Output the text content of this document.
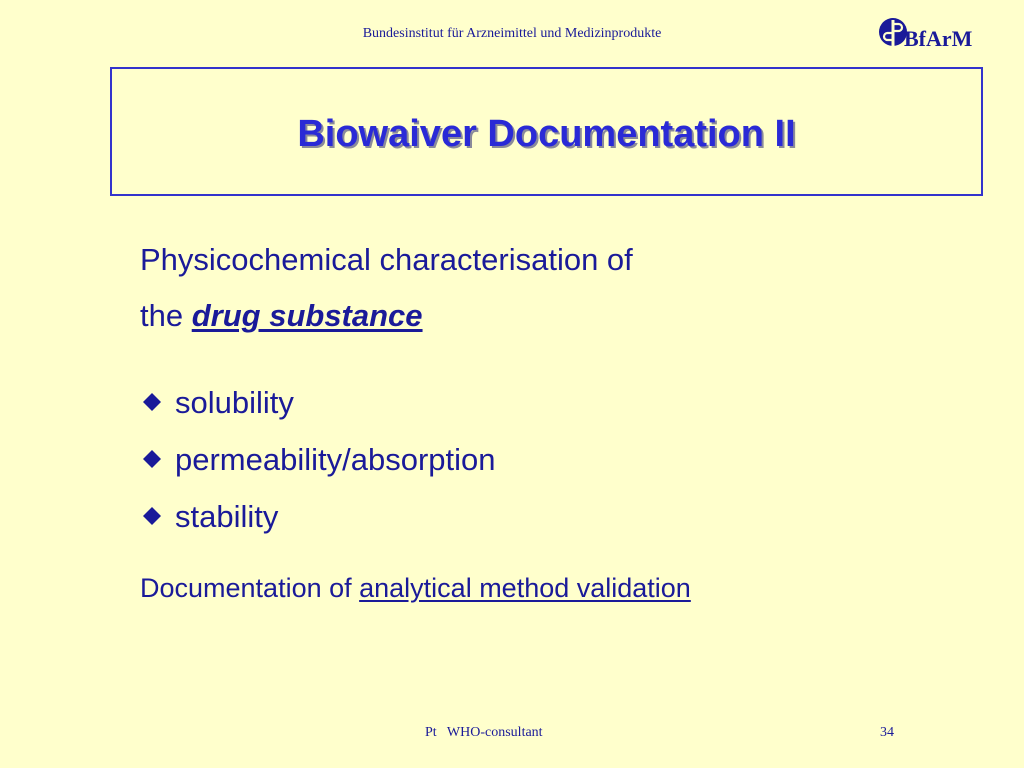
Bundesinstitut für Arzneimittel und Medizinprodukte	BfArM
Biowaiver Documentation II
Physicochemical characterisation of
the drug substance
solubility
permeability/absorption
stability
Documentation of analytical method validation
Pt   WHO-consultant	34
